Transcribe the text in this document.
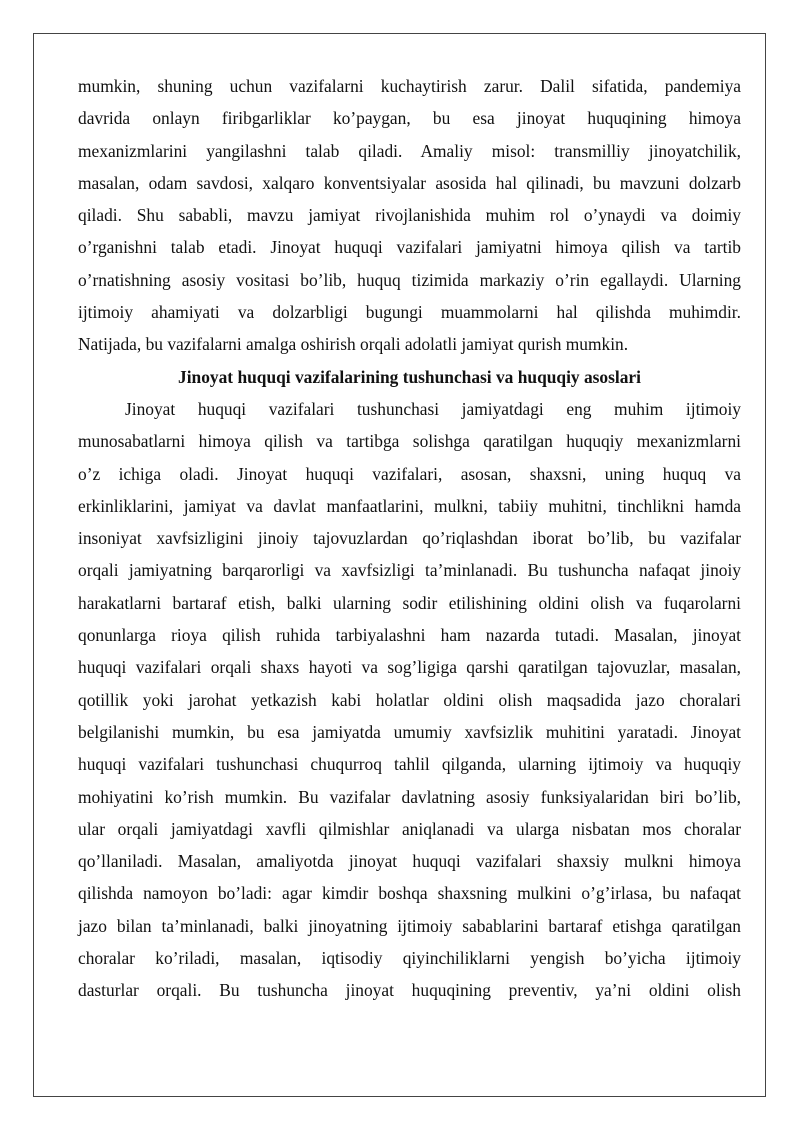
mumkin, shuning uchun vazifalarni kuchaytirish zarur. Dalil sifatida, pandemiya
davrida onlayn firibgarliklar ko’paygan, bu esa jinoyat huquqining himoya
mexanizmlarini yangilashni talab qiladi. Amaliy misol: transmilliy jinoyatchilik,
masalan, odam savdosi, xalqaro konventsiyalar asosida hal qilinadi, bu mavzuni dolzarb
qiladi. Shu sababli, mavzu jamiyat rivojlanishida muhim rol o’ynaydi va doimiy
o’rganishni talab etadi. Jinoyat huquqi vazifalari jamiyatni himoya qilish va tartib
o’rnatishning asosiy vositasi bo’lib, huquq tizimida markaziy o’rin egallaydi. Ularning
ijtimoiy ahamiyati va dolzarbligi bugungi muammolarni hal qilishda muhimdir.
Natijada, bu vazifalarni amalga oshirish orqali adolatli jamiyat qurish mumkin.
Jinoyat huquqi vazifalarining tushunchasi va huquqiy asoslari
Jinoyat huquqi vazifalari tushunchasi jamiyatdagi eng muhim ijtimoiy
munosabatlarni himoya qilish va tartibga solishga qaratilgan huquqiy mexanizmlarni
o’z ichiga oladi. Jinoyat huquqi vazifalari, asosan, shaxsni, uning huquq va
erkinliklarini, jamiyat va davlat manfaatlarini, mulkni, tabiiy muhitni, tinchlikni hamda
insoniyat xavfsizligini jinoiy tajovuzlardan qo’riqlashdan iborat bo’lib, bu vazifalar
orqali jamiyatning barqarorligi va xavfsizligi ta’minlanadi. Bu tushuncha nafaqat jinoiy
harakatlarni bartaraf etish, balki ularning sodir etilishining oldini olish va fuqarolarni
qonunlarga rioya qilish ruhida tarbiyalashni ham nazarda tutadi. Masalan, jinoyat
huquqi vazifalari orqali shaxs hayoti va sog’ligiga qarshi qaratilgan tajovuzlar, masalan,
qotillik yoki jarohat yetkazish kabi holatlar oldini olish maqsadida jazo choralari
belgilanishi mumkin, bu esa jamiyatda umumiy xavfsizlik muhitini yaratadi. Jinoyat
huquqi vazifalari tushunchasi chuqurroq tahlil qilganda, ularning ijtimoiy va huquqiy
mohiyatini ko’rish mumkin. Bu vazifalar davlatning asosiy funksiyalaridan biri bo’lib,
ular orqali jamiyatdagi xavfli qilmishlar aniqlanadi va ularga nisbatan mos choralar
qo’llaniladi. Masalan, amaliyotda jinoyat huquqi vazifalari shaxsiy mulkni himoya
qilishda namoyon bo’ladi: agar kimdir boshqa shaxsning mulkini o’g’irlasa, bu nafaqat
jazo bilan ta’minlanadi, balki jinoyatning ijtimoiy sabablarini bartaraf etishga qaratilgan
choralar ko’riladi, masalan, iqtisodiy qiyinchiliklarni yengish bo’yicha ijtimoiy
dasturlar orqali. Bu tushuncha jinoyat huquqining preventiv, ya’ni oldini olish
